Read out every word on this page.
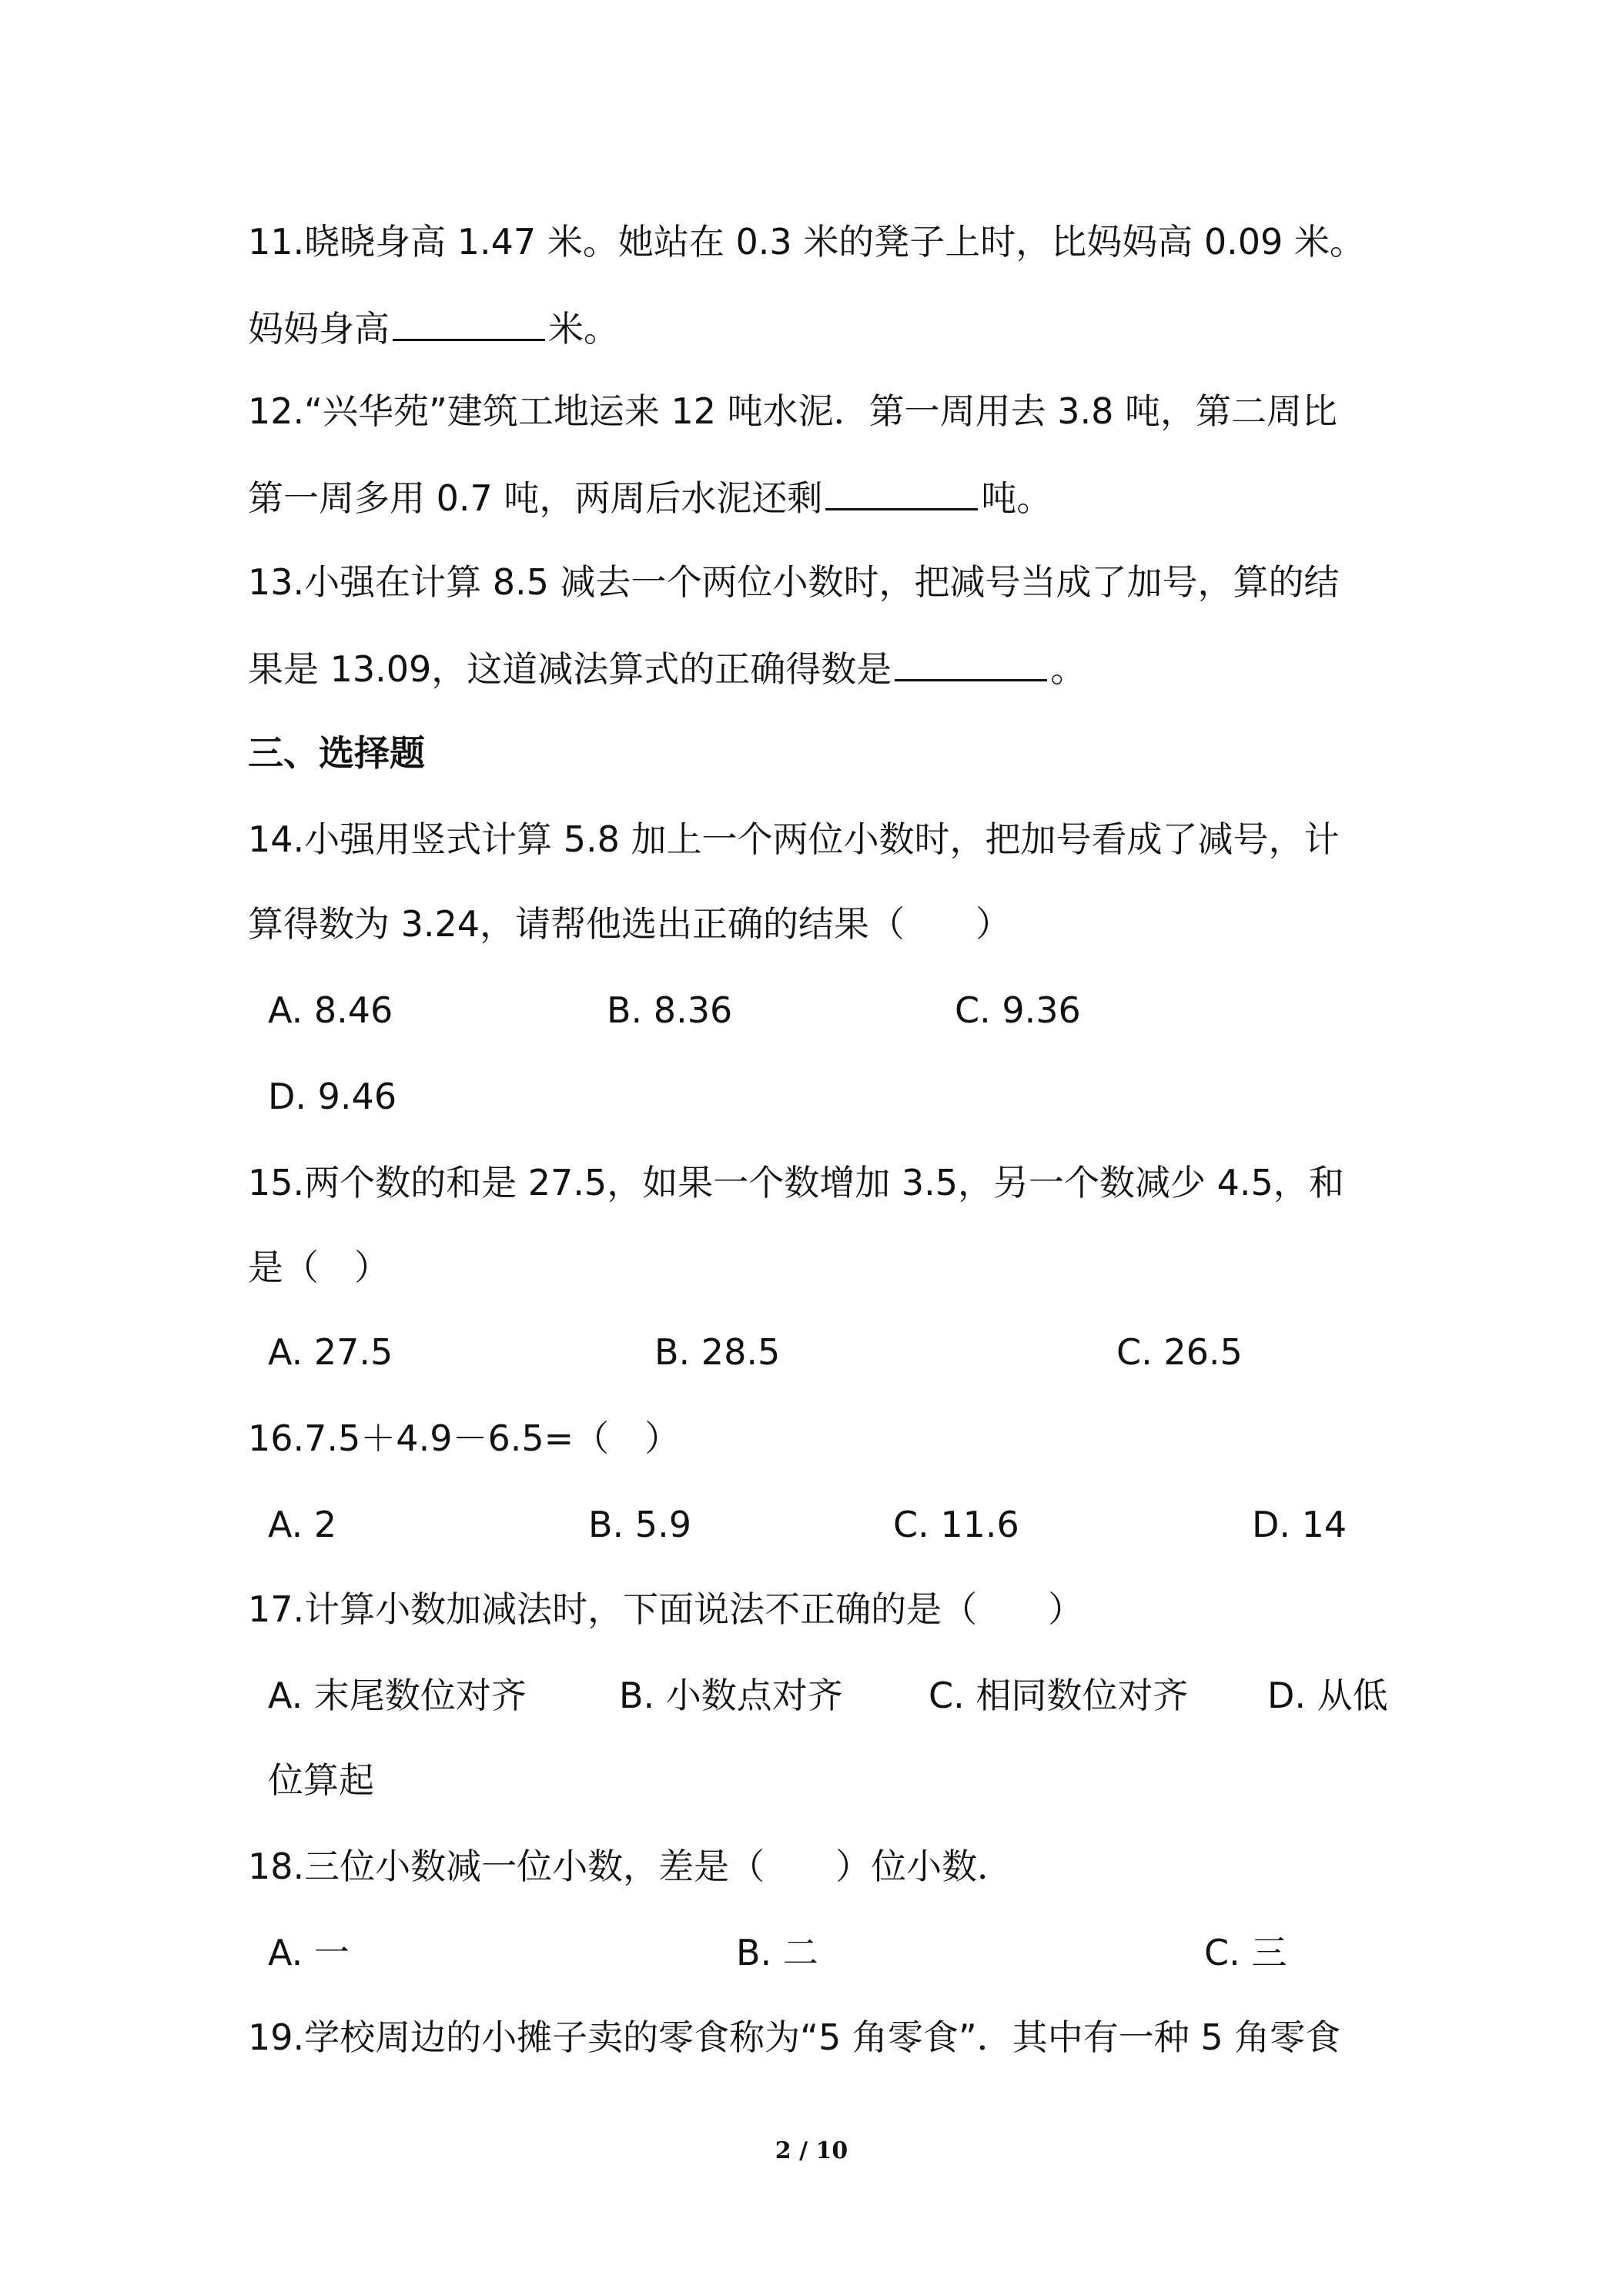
11.晓晓身高 1.47 米。她站在 0.3 米的凳子上时，比妈妈高 0.09 米。
妈妈身高	米。
12.“兴华苑”建筑工地运来 12 吨水泥．第一周用去 3.8 吨，第二周比
第一周多用 0.7 吨，两周后水泥还剩	吨。
13.小强在计算 8.5 减去一个两位小数时，把减号当成了加号，算的结
果是 13.09，这道减法算式的正确得数是	。
三、选择题
14.小强用竖式计算 5.8 加上一个两位小数时，把加号看成了减号，计
算得数为 3.24，请帮他选出正确的结果（　　）
A. 8.46	B. 8.36	C. 9.36
D. 9.46
15.两个数的和是 27.5，如果一个数增加 3.5，另一个数减少 4.5，和
是（　）
A. 27.5	B. 28.5	C. 26.5
16.7.5＋4.9－6.5=（　）
A. 2	B. 5.9	C. 11.6	D. 14
17.计算小数加减法时，下面说法不正确的是（　　）
A. 末尾数位对齐	B. 小数点对齐 C. 相同数位对齐 D. 从低
位算起
18.三位小数减一位小数，差是（　　）位小数．
A. 一	B. 二	C. 三
19.学校周边的小摊子卖的零食称为“5 角零食”．其中有一种 5 角零食
2 / 10
